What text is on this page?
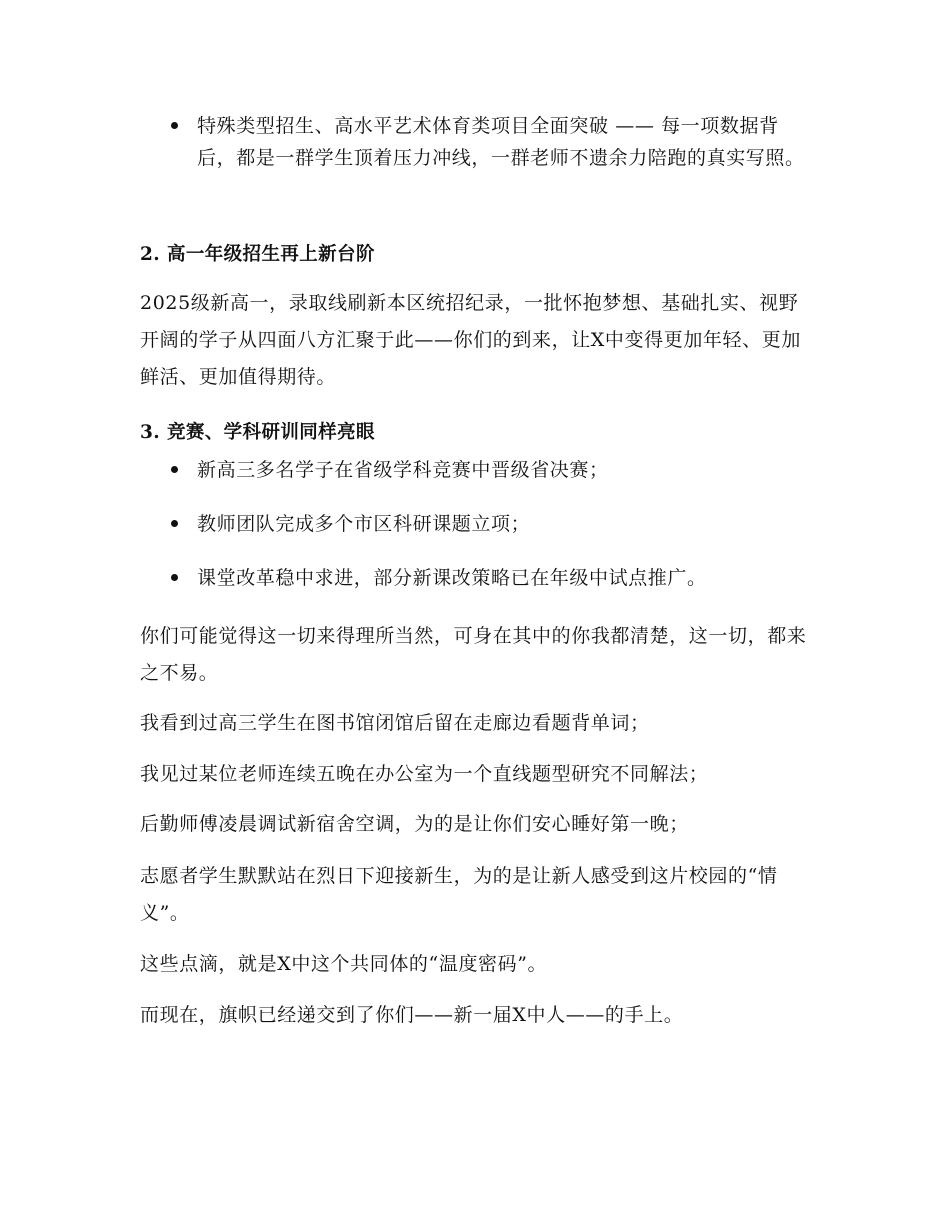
特殊类型招生、高水平艺术体育类项目全面突破 —— 每一项数据背后，都是一群学生顶着压力冲线，一群老师不遗余力陪跑的真实写照。
2. 高一年级招生再上新台阶

2025级新高一，录取线刷新本区统招纪录，一批怀抱梦想、基础扎实、视野开阔的学子从四面八方汇聚于此——你们的到来，让X中变得更加年轻、更加鲜活、更加值得期待。

3. 竞赛、学科研训同样亮眼
新高三多名学子在省级学科竞赛中晋级省决赛；
教师团队完成多个市区科研课题立项；
课堂改革稳中求进，部分新课改策略已在年级中试点推广。

你们可能觉得这一切来得理所当然，可身在其中的你我都清楚，这一切，都来之不易。

我看到过高三学生在图书馆闭馆后留在走廊边看题背单词；

我见过某位老师连续五晚在办公室为一个直线题型研究不同解法；

后勤师傅凌晨调试新宿舍空调，为的是让你们安心睡好第一晚；

志愿者学生默默站在烈日下迎接新生，为的是让新人感受到这片校园的“情义”。

这些点滴，就是X中这个共同体的“温度密码”。

而现在，旗帜已经递交到了你们——新一届X中人——的手上。
